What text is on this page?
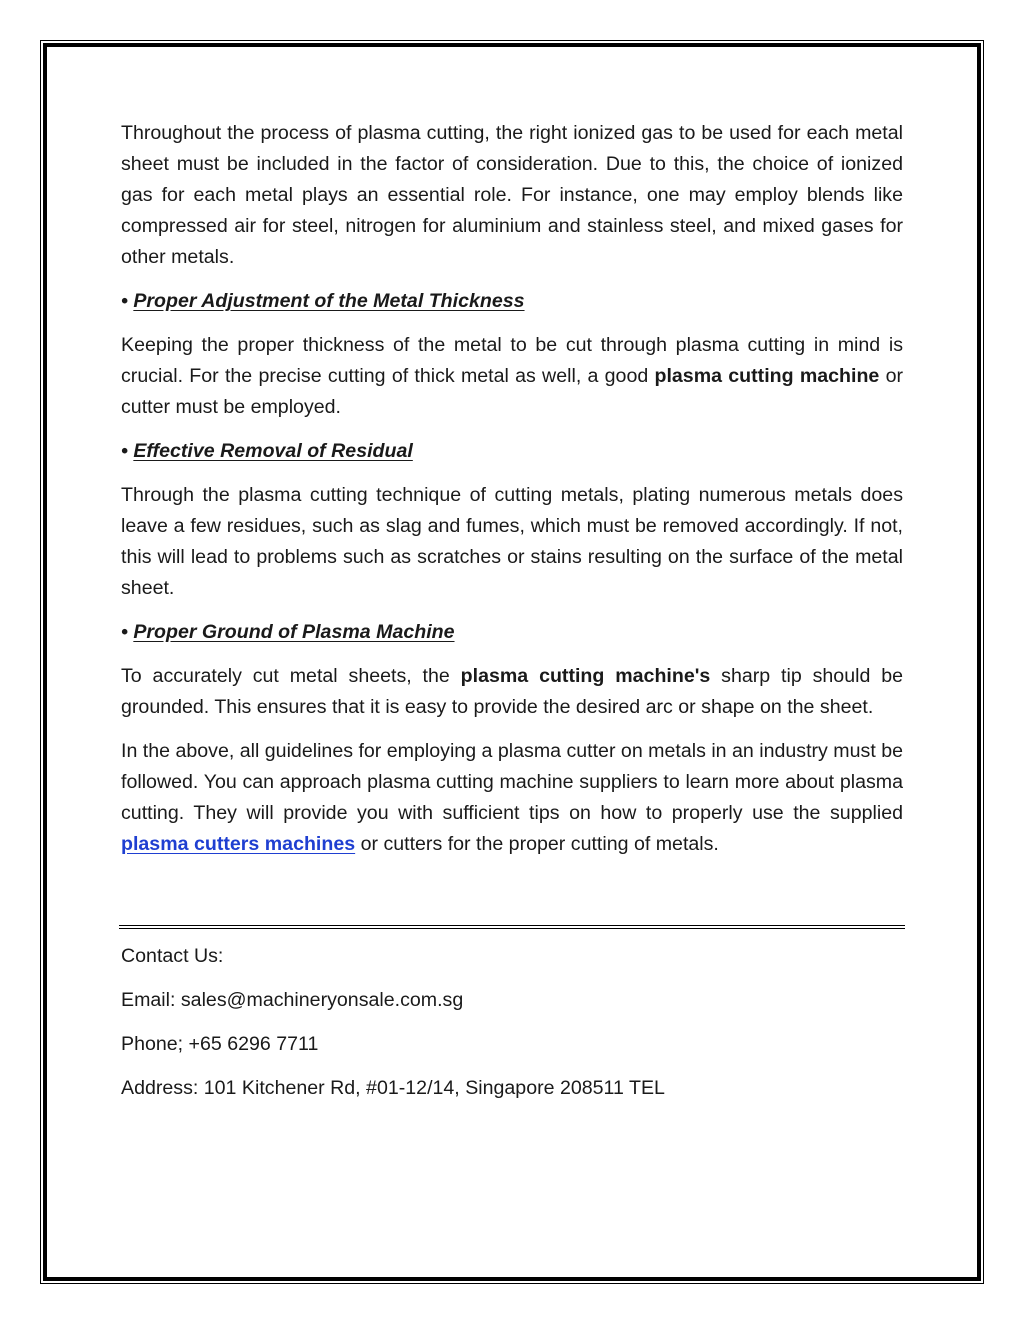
Throughout the process of plasma cutting, the right ionized gas to be used for each metal sheet must be included in the factor of consideration. Due to this, the choice of ionized gas for each metal plays an essential role. For instance, one may employ blends like compressed air for steel, nitrogen for aluminium and stainless steel, and mixed gases for other metals.

• Proper Adjustment of the Metal Thickness

Keeping the proper thickness of the metal to be cut through plasma cutting in mind is crucial. For the precise cutting of thick metal as well, a good plasma cutting machine or cutter must be employed.

• Effective Removal of Residual

Through the plasma cutting technique of cutting metals, plating numerous metals does leave a few residues, such as slag and fumes, which must be removed accordingly. If not, this will lead to problems such as scratches or stains resulting on the surface of the metal sheet.

• Proper Ground of Plasma Machine

To accurately cut metal sheets, the plasma cutting machine's sharp tip should be grounded. This ensures that it is easy to provide the desired arc or shape on the sheet.

In the above, all guidelines for employing a plasma cutter on metals in an industry must be followed. You can approach plasma cutting machine suppliers to learn more about plasma cutting. They will provide you with sufficient tips on how to properly use the supplied plasma cutters machines or cutters for the proper cutting of metals.

Contact Us:

Email: sales@machineryonsale.com.sg

Phone; +65 6296 7711

Address: 101 Kitchener Rd, #01-12/14, Singapore 208511 TEL
